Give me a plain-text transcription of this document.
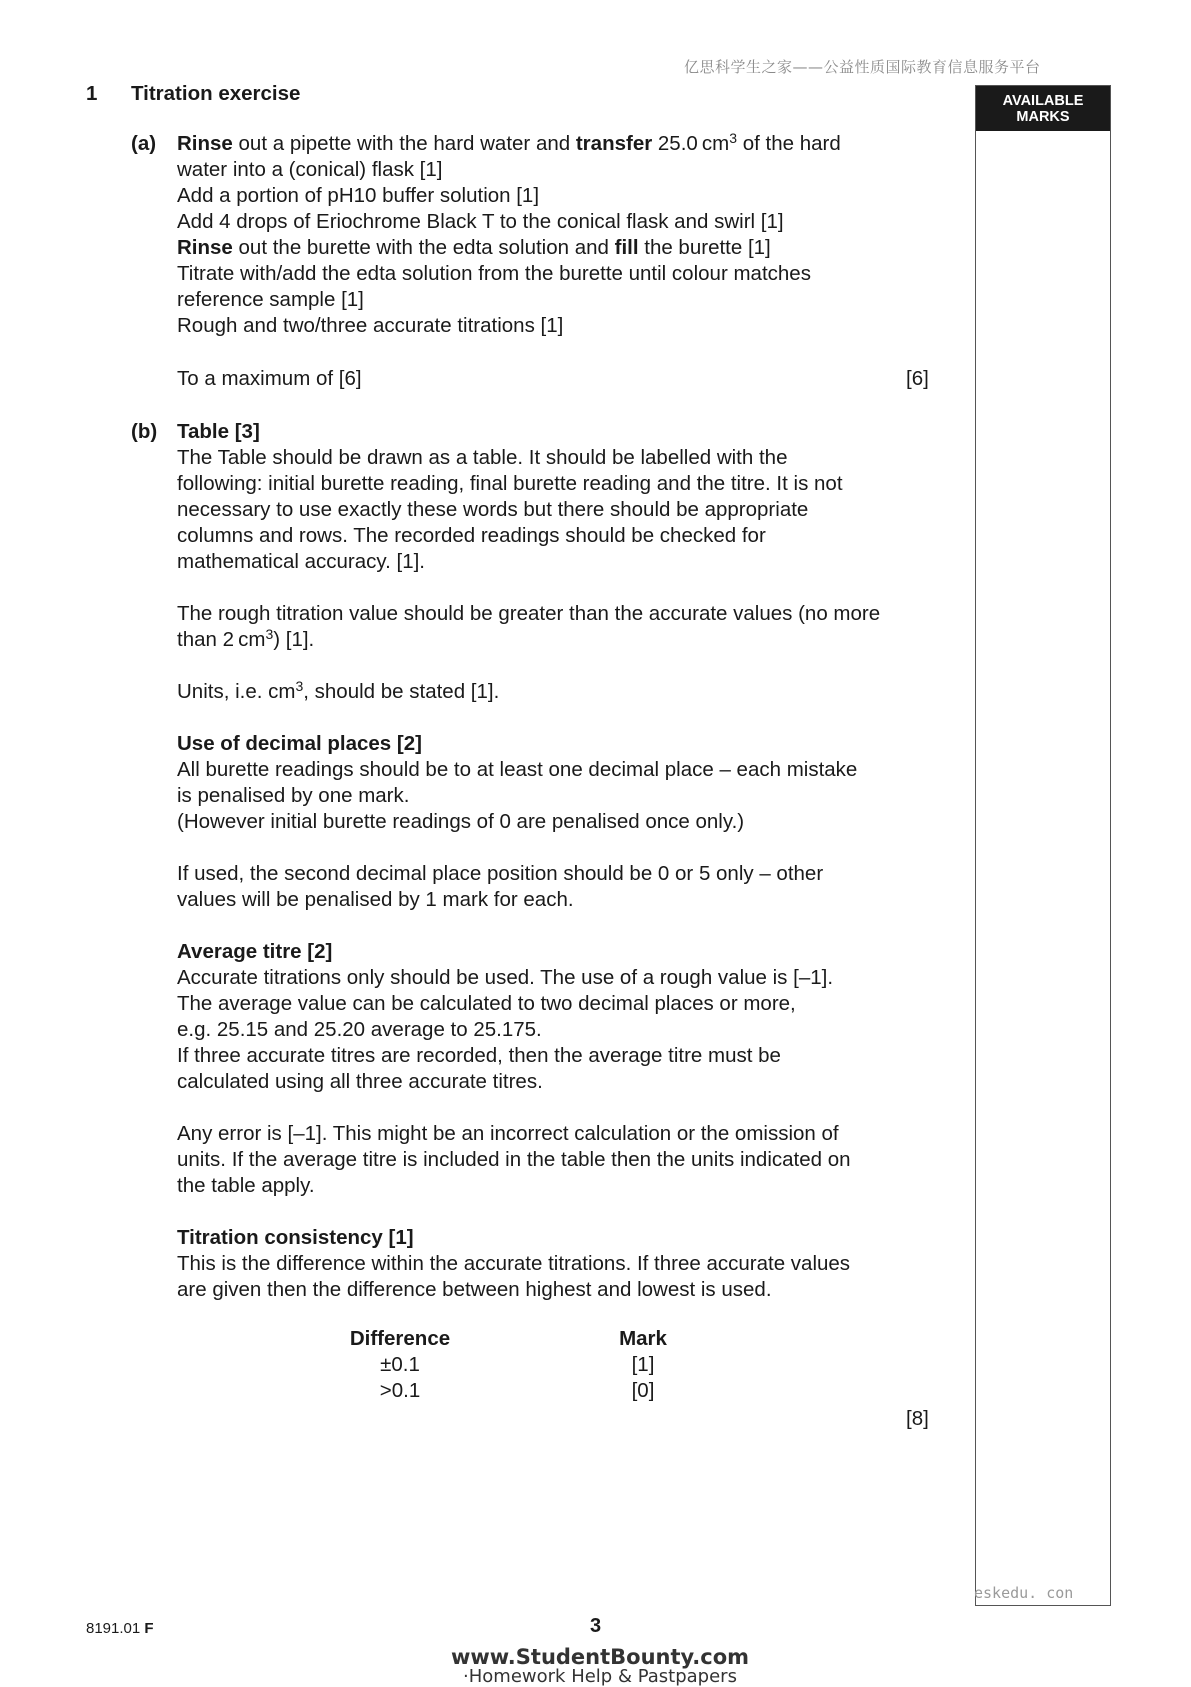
亿思科学生之家——公益性质国际教育信息服务平台
1 Titration exercise	AVAILABLE
MARKS
(a) Rinse out a pipette with the hard water and transfer 25.0 $cm^3$ of the hard
water into a (conical) flask [1]
Add a portion of pH10 buffer solution [1]
Add 4 drops of Eriochrome Black T to the conical flask and swirl [1]
Rinse out the burette with the edta solution and fill the burette [1]
Titrate with/add the edta solution from the burette until colour matches
reference sample [1]
Rough and two/three accurate titrations [1]
To a maximum of [6]	[6]
(b) Table [3]
The Table should be drawn as a table. It should be labelled with the
following: initial burette reading, final burette reading and the titre. It is not
necessary to use exactly these words but there should be appropriate
columns and rows. The recorded readings should be checked for
mathematical accuracy. [1].
The rough titration value should be greater than the accurate values (no more
than 2 $cm^3$) [1].
Units, i.e. $cm^3$, should be stated [1].
Use of decimal places [2]
All burette readings should be to at least one decimal place – each mistake
is penalised by one mark.
(However initial burette readings of 0 are penalised once only.)
If used, the second decimal place position should be 0 or 5 only – other
values will be penalised by 1 mark for each.
Average titre [2]
Accurate titrations only should be used. The use of a rough value is [–1].
The average value can be calculated to two decimal places or more,
e.g. 25.15 and 25.20 average to 25.175.
If three accurate titres are recorded, then the average titre must be
calculated using all three accurate titres.
Any error is [–1]. This might be an incorrect calculation or the omission of
units. If the average titre is included in the table then the units indicated on
the table apply.
Titration consistency [1]
This is the difference within the accurate titrations. If three accurate values
are given then the difference between highest and lowest is used.
Difference	Mark
±0.1	[1]
>0.1	[0]
[8]
eskedu. con
8191.01 F	3
www.StudentBounty.com
·Homework Help & Pastpapers
